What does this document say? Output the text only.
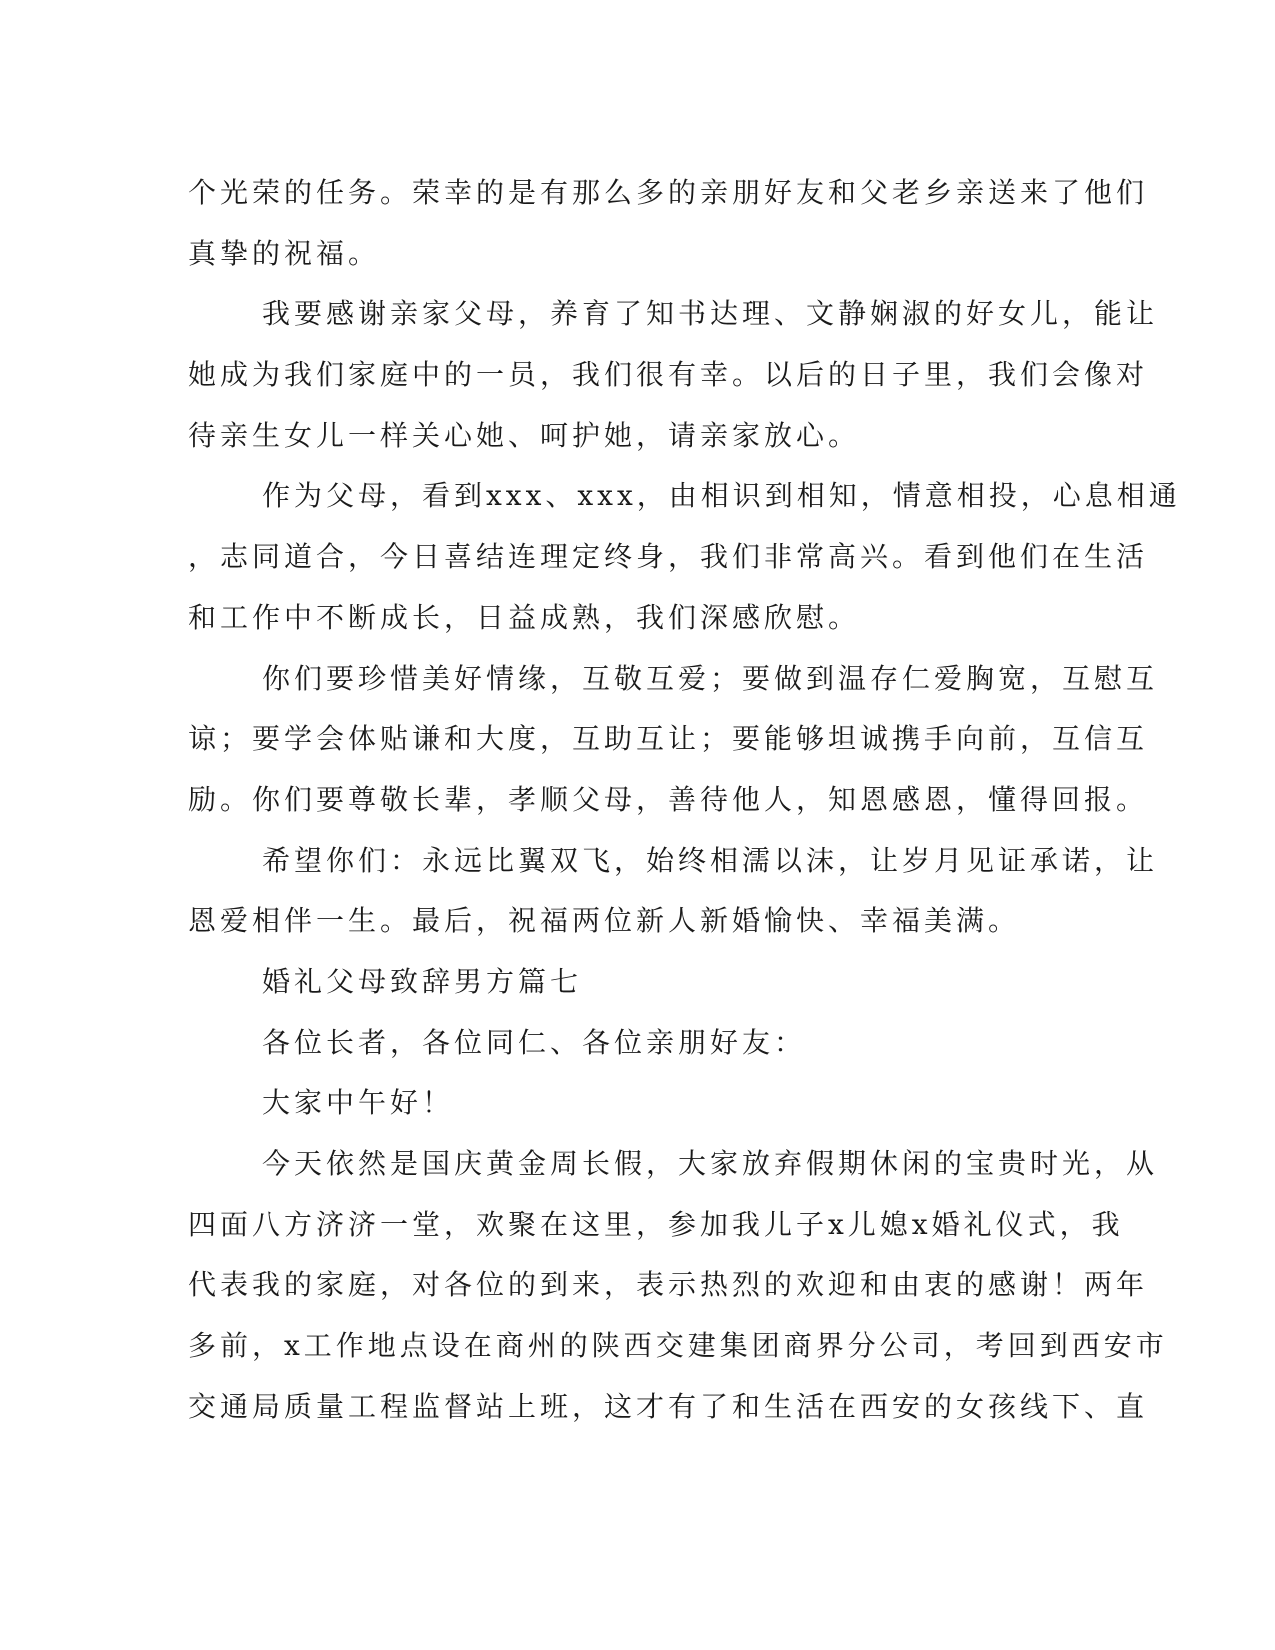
个光荣的任务。荣幸的是有那么多的亲朋好友和父老乡亲送来了他们
真挚的祝福。
我要感谢亲家父母，养育了知书达理、文静娴淑的好女儿，能让
她成为我们家庭中的一员，我们很有幸。以后的日子里，我们会像对
待亲生女儿一样关心她、呵护她，请亲家放心。
作为父母，看到xxx、xxx，由相识到相知，情意相投，心息相通
，志同道合，今日喜结连理定终身，我们非常高兴。看到他们在生活
和工作中不断成长，日益成熟，我们深感欣慰。
你们要珍惜美好情缘，互敬互爱；要做到温存仁爱胸宽，互慰互
谅；要学会体贴谦和大度，互助互让；要能够坦诚携手向前，互信互
励。你们要尊敬长辈，孝顺父母，善待他人，知恩感恩，懂得回报。
希望你们：永远比翼双飞，始终相濡以沫，让岁月见证承诺，让
恩爱相伴一生。最后，祝福两位新人新婚愉快、幸福美满。
婚礼父母致辞男方篇七
各位长者，各位同仁、各位亲朋好友：
大家中午好！
今天依然是国庆黄金周长假，大家放弃假期休闲的宝贵时光，从
四面八方济济一堂，欢聚在这里，参加我儿子x儿媳x婚礼仪式，我
代表我的家庭，对各位的到来，表示热烈的欢迎和由衷的感谢！两年
多前，x工作地点设在商州的陕西交建集团商界分公司，考回到西安市
交通局质量工程监督站上班，这才有了和生活在西安的女孩线下、直
